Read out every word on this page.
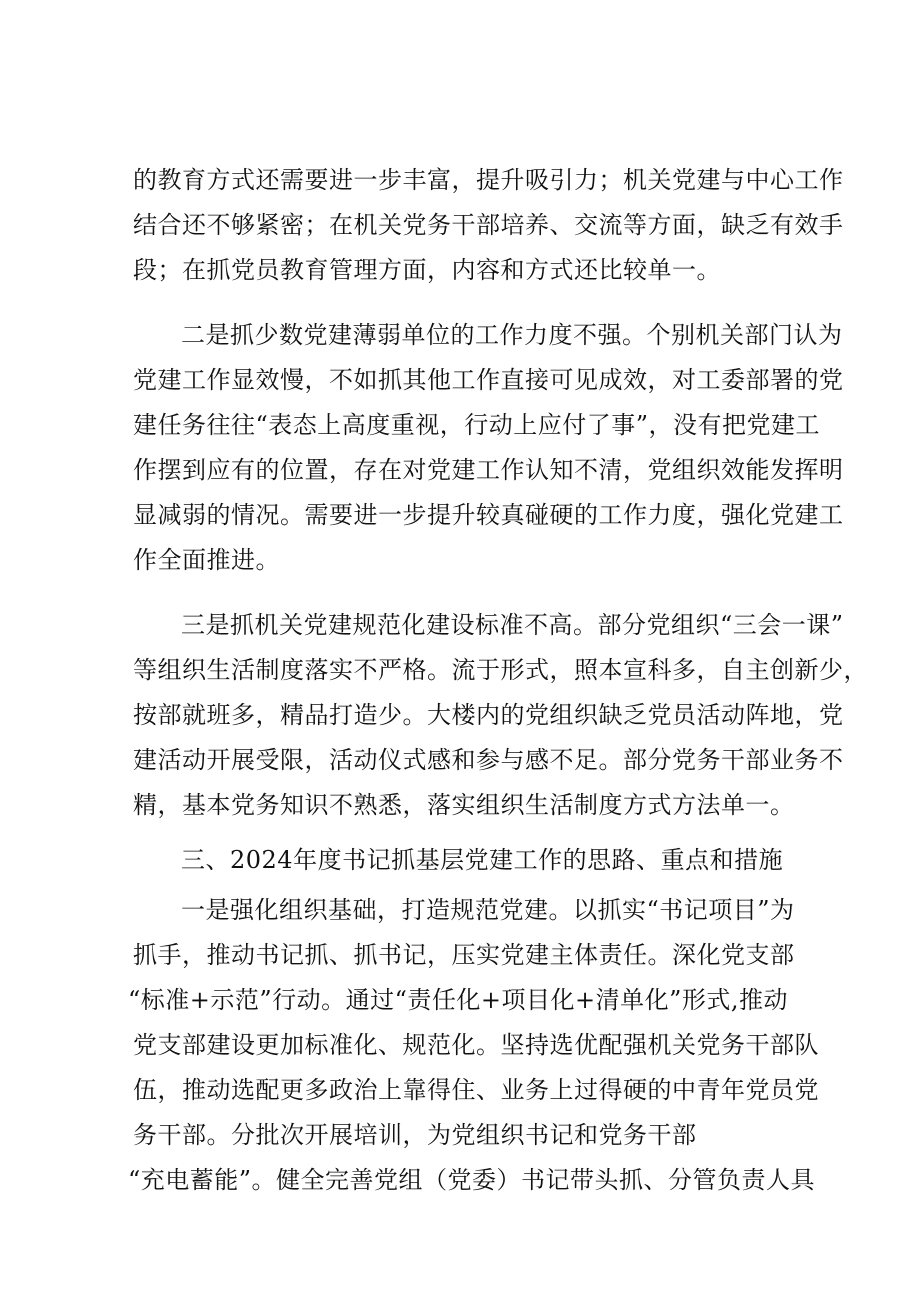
的教育方式还需要进一步丰富，提升吸引力；机关党建与中心工作
结合还不够紧密；在机关党务干部培养、交流等方面，缺乏有效手
段；在抓党员教育管理方面，内容和方式还比较单一。
二是抓少数党建薄弱单位的工作力度不强。个别机关部门认为
党建工作显效慢，不如抓其他工作直接可见成效，对工委部署的党
建任务往往“表态上高度重视，行动上应付了事”，没有把党建工
作摆到应有的位置，存在对党建工作认知不清，党组织效能发挥明
显减弱的情况。需要进一步提升较真碰硬的工作力度，强化党建工
作全面推进。
三是抓机关党建规范化建设标准不高。部分党组织“三会一课”
等组织生活制度落实不严格。流于形式，照本宣科多，自主创新少，
按部就班多，精品打造少。大楼内的党组织缺乏党员活动阵地，党
建活动开展受限，活动仪式感和参与感不足。部分党务干部业务不
精，基本党务知识不熟悉，落实组织生活制度方式方法单一。
三、2024年度书记抓基层党建工作的思路、重点和措施
一是强化组织基础，打造规范党建。以抓实“书记项目”为
抓手，推动书记抓、抓书记，压实党建主体责任。深化党支部
“标准+示范”行动。通过“责任化+项目化+清单化”形式,推动
党支部建设更加标准化、规范化。坚持选优配强机关党务干部队
伍，推动选配更多政治上靠得住、业务上过得硬的中青年党员党
务干部。分批次开展培训，为党组织书记和党务干部
“充电蓄能”。健全完善党组（党委）书记带头抓、分管负责人具
